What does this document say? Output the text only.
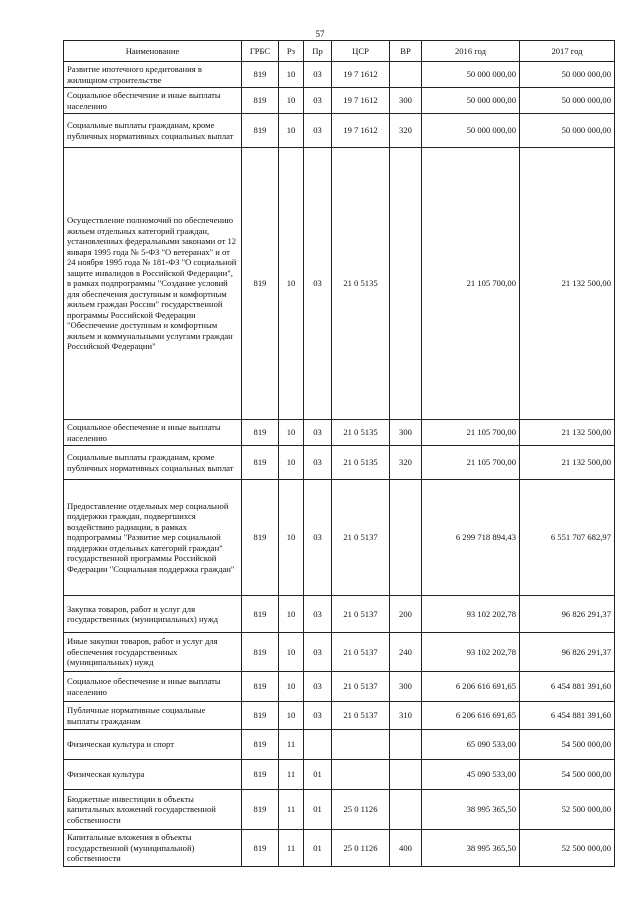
57
Наименование	ГРБС	Рз	Пр	ЦСР	ВР	2016 год	2017 год
Развитие ипотечного кредитования в жилищном строительстве	819	10	03	19 7 1612		50 000 000,00	50 000 000,00
Социальное обеспечение и иные выплаты населению	819	10	03	19 7 1612	300	50 000 000,00	50 000 000,00
Социальные выплаты гражданам, кроме публичных нормативных социальных выплат	819	10	03	19 7 1612	320	50 000 000,00	50 000 000,00
Осуществление полномочий по обеспечению жильем отдельных категорий граждан, установленных федеральными законами от 12 января 1995 года № 5-ФЗ "О ветеранах" и от 24 ноября 1995 года № 181-ФЗ "О социальной защите инвалидов в Российской Федерации", в рамках подпрограммы "Создание условий для обеспечения доступным и комфортным жильем граждан России" государственной программы Российской Федерации "Обеспечение доступным и комфортным жильем и коммунальными услугами граждан Российской Федерации"	819	10	03	21 0 5135		21 105 700,00	21 132 500,00
Социальное обеспечение и иные выплаты населению	819	10	03	21 0 5135	300	21 105 700,00	21 132 500,00
Социальные выплаты гражданам, кроме публичных нормативных социальных выплат	819	10	03	21 0 5135	320	21 105 700,00	21 132 500,00
Предоставление отдельных мер социальной поддержки граждан, подвергшихся воздействию радиации, в рамках подпрограммы "Развитие мер социальной поддержки отдельных категорий граждан" государственной программы Российской Федерации "Социальная поддержка граждан"	819	10	03	21 0 5137		6 299 718 894,43	6 551 707 682,97
Закупка товаров, работ и услуг для государственных (муниципальных) нужд	819	10	03	21 0 5137	200	93 102 202,78	96 826 291,37
Иные закупки товаров, работ и услуг для обеспечения государственных (муниципальных) нужд	819	10	03	21 0 5137	240	93 102 202,78	96 826 291,37
Социальное обеспечение и иные выплаты населению	819	10	03	21 0 5137	300	6 206 616 691,65	6 454 881 391,60
Публичные нормативные социальные выплаты гражданам	819	10	03	21 0 5137	310	6 206 616 691,65	6 454 881 391,60
Физическая культура и спорт	819	11				65 090 533,00	54 500 000,00
Физическая культура	819	11	01			45 090 533,00	54 500 000,00
Бюджетные инвестиции в объекты капитальных вложений государственной собственности	819	11	01	25 0 1126		38 995 365,50	52 500 000,00
Капитальные вложения в объекты государственной (муниципальной) собственности	819	11	01	25 0 1126	400	38 995 365,50	52 500 000,00
